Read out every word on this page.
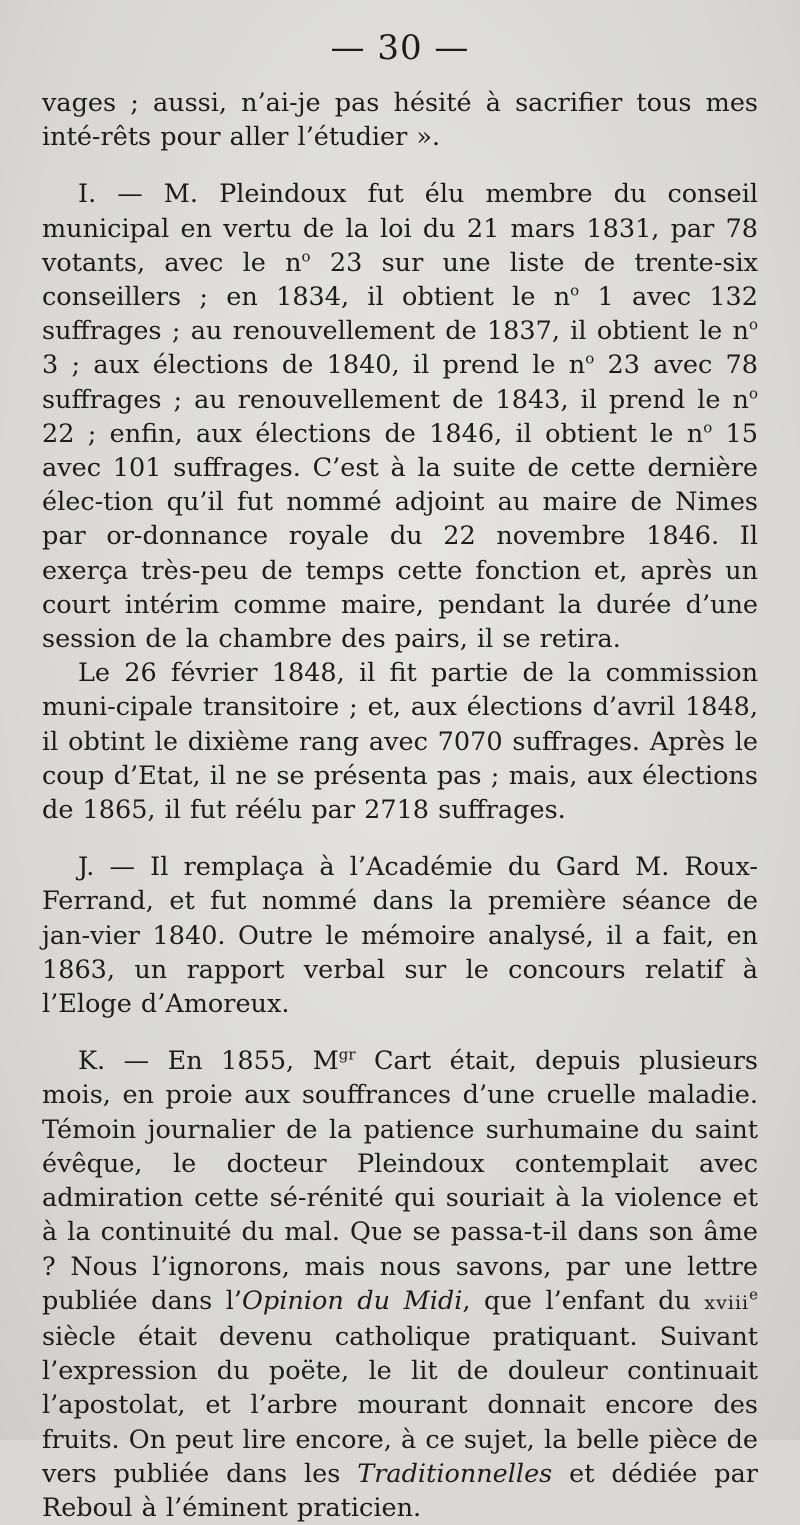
— 30 —

vages ; aussi, n’ai-je pas hésité à sacrifier tous mes inté-rêts pour aller l’étudier ».

I. — M. Pleindoux fut élu membre du conseil municipal en vertu de la loi du 21 mars 1831, par 78 votants, avec le $n^o$ 23 sur une liste de trente-six conseillers ; en 1834, il obtient le $n^o$ 1 avec 132 suffrages ; au renouvellement de 1837, il obtient le $n^o$ 3 ; aux élections de 1840, il prend le $n^o$ 23 avec 78 suffrages ; au renouvellement de 1843, il prend le $n^o$ 22 ; enfin, aux élections de 1846, il obtient le $n^o$ 15 avec 101 suffrages. C’est à la suite de cette dernière élec-tion qu’il fut nommé adjoint au maire de Nimes par or-donnance royale du 22 novembre 1846. Il exerça très-peu de temps cette fonction et, après un court intérim comme maire, pendant la durée d’une session de la chambre des pairs, il se retira.

Le 26 février 1848, il fit partie de la commission muni-cipale transitoire ; et, aux élections d’avril 1848, il obtint le dixième rang avec 7070 suffrages. Après le coup d’Etat, il ne se présenta pas ; mais, aux élections de 1865, il fut réélu par 2718 suffrages.

J. — Il remplaça à l’Académie du Gard M. Roux-Ferrand, et fut nommé dans la première séance de jan-vier 1840. Outre le mémoire analysé, il a fait, en 1863, un rapport verbal sur le concours relatif à l’Eloge d’Amoreux.

K. — En 1855, $M^{gr}$ Cart était, depuis plusieurs mois, en proie aux souffrances d’une cruelle maladie. Témoin journalier de la patience surhumaine du saint évêque, le docteur Pleindoux contemplait avec admiration cette sé-rénité qui souriait à la violence et à la continuité du mal. Que se passa-t-il dans son âme ? Nous l’ignorons, mais nous savons, par une lettre publiée dans l’Opinion du Midi, que l’enfant du xviii$^e$ siècle était devenu catholique pratiquant. Suivant l’expression du poëte, le lit de douleur continuait l’apostolat, et l’arbre mourant donnait encore des fruits. On peut lire encore, à ce sujet, la belle pièce de vers publiée dans les Traditionnelles et dédiée par Reboul à l’éminent praticien.
